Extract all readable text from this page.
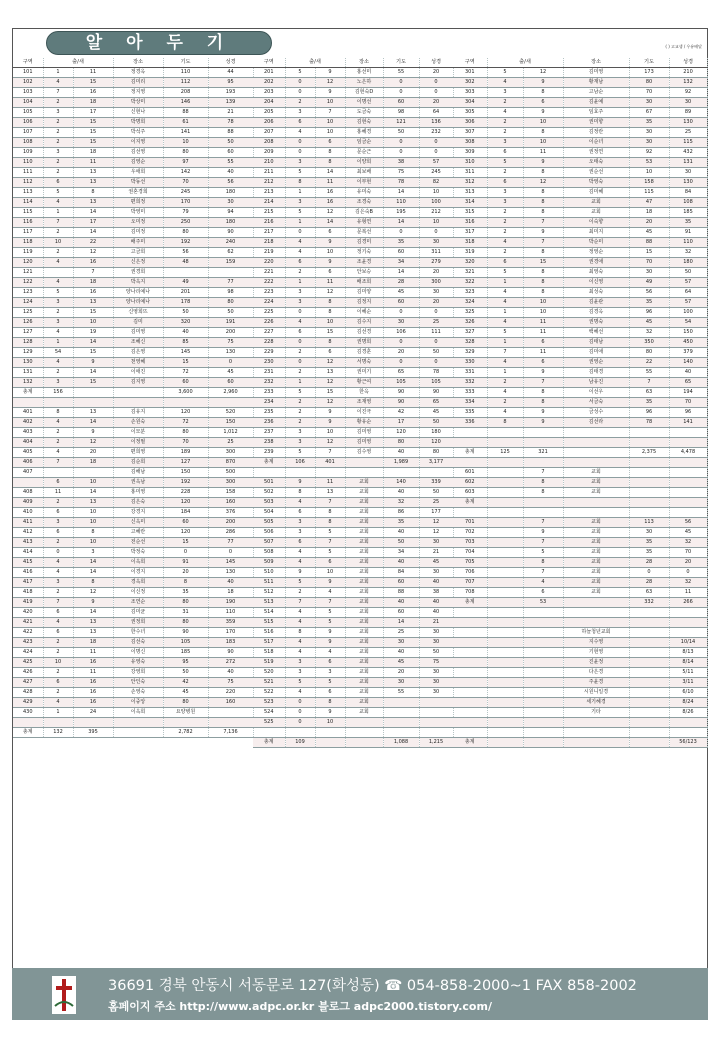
알 아 두 기	( ) 고교생 / 우유배달
구역	출/새		장소	기도	성경
101	1	11	정경옥	110	44
102	4	15	김미리	112	95
103	7	16	정지영	208	193
104	2	18	박상미	146	139
105	3	17	신현나	88	21
106	2	15	박명희	61	78
107	2	15	박석주	141	88
108	2	15	이지영	10	50
109	3	18	김선영	80	60
110	2	11	김영순	97	55
111	2	13	우애희	142	40
112	6	13	박동선	70	56
113	5	8	권혼경희	245	180
114	4	13	편희정	170	30
115	1	14	박영미	79	94
116	7	17	오미정	250	180
117	2	14	김미정	80	90
118	10	22	배주미	192	240
119	2	12	고금희	56	62
120	4	16	신은정	48	159
121		7	권경희		
122	4	18	박옥지	49	77
123	5	16	양나리예나	201	98
124	3	13	양나리예나	178	80
125	2	15	신영희뜨	50	50
126	3	10	김미	320	191
127	4	19	김미영	40	200
128	1	14	조혜신	85	75
129	54	15	김은영	145	130
130	4	9	천영혜	15	0
131	2	14	이애진	72	45
132	3	15	김지영	60	60
총계	156			3,600	2,960

401	8	13	김유지	120	520
402	4	14	손원숙	72	150
403	2	9	이모분	80	1,012
404	2	12	이정필	70	25
405	4	20	편희영	189	300
406	7	18	김순희	127	870
407			김해남	150	500
	6	10	권옥남	192	300
408	11	14	홍미영	228	158
409	2	13	김은숙	120	160
410	6	10	강경지	184	376
411	3	10	신옥미	60	200
412	6	8	고혜란	120	286
413	2	10	전순선	15	77
414	0	3	박정숙	0	0
415	4	14	이옥희	91	145
416	4	14	이경지	20	130
417	3	8	경옥희	8	40
418	2	12	이신정	35	18
419	7	9	조연순	80	190
420	6	14	김미균	31	110
421	4	13	권정희	80	359
422	6	13	한수녀	90	170
423	2	18	김선숙	105	183
424	2	11	이명신	185	90
425	10	16	유영숙	95	272
426	2	11	강영희	50	40
427	6	16	안인숙	42	75
428	2	16	손영숙	45	220
429	4	16	이중앙	80	160
430	1	24	이옥희	요양병원	

총계	132	395		2,782	7,136
구역	출/새		장소	기도	성경
201	5	9	홍선미	55	20
202	0	12	노은하	0	0
203	0	9	김현숙D	0	0
204	2	10	이명선	60	20
205	3	7	도금숙	98	64
206	6	10	김현숙	121	136
207	4	10	홍혜경	50	232
208	0	6	임금순	0	0
209	0	8	문순근	0	0
210	3	8	이양희	38	57
211	5	14	최보배	75	245
212	8	11	이부현	78	82
213	1	16	유미숙	14	10
214	3	16	조경숙	110	100
215	5	12	김은숙B	195	212
216	1	14	유형연	14	10
217	0	6	문복선	0	0
218	4	9	김경미	35	30
219	4	10	정기숙	60	311
220	6	9	조윤경	34	279
221	2	6	안보승	14	20
222	1	11	배조희	28	300
223	3	12	김미양	45	30
224	3	8	김정지	60	20
225	0	8	이혜순	0	0
226	4	10	김수지	30	25
227	6	15	김선경	106	111
228	0	8	권명희	0	0
229	2	6	김경훈	20	50
230	0	12	서명숙	0	0
231	2	13	권미기	65	78
232	1	12	황근여	105	105
233	5	15	한옥	90	90
234	2	12	조재영	90	65
235	2	9	이진극	42	45
236	2	9	황유순	17	50
237	3	10	김미영	120	180
238	3	12	김미영	80	120
239	5	7	김수영	40	80
총계	106	401		1,989	3,177

501	9	11	교회	140	339
502	8	13	교회	40	50
503	4	7	교회	32	25
504	6	8	교회	86	177
505	3	8	교회	35	12
506	3	5	교회	40	12
507	6	7	교회	50	30
508	4	5	교회	34	21
509	4	6	교회	40	45
510	9	10	교회	84	30
511	5	9	교회	60	40
512	2	4	교회	88	38
513	7	7	교회	40	40
514	4	5	교회	60	40
515	4	5	교회	14	21
516	8	9	교회	25	30
517	4	9	교회	30	30
518	4	4	교회	40	50
519	3	6	교회	45	75
520	3	3	교회	20	30
521	5	5	교회	30	30
522	4	6	교회	55	30
523	0	8	교회		
524	0	9	교회		
525	0	10			

총계	109			1,088	1,215
구역	출/새		장소	기도	성경
301	5	12	김미영	173	210
302	4	9	황재남	80	132
303	3	8	고남순	70	92
304	2	6	김윤예	30	30
305	4	9	임효주	67	89
306	2	10	권미향	35	130
307	2	8	김정란	30	25
308	3	10	이순녀	30	115
309	6	11	권정연	92	432
310	5	9	오태숙	53	131
311	2	8	권순선	10	30
312	6	12	박영숙	158	130
313	3	8	김미혜	115	84
314	3	8	교회	47	108
315	2	8	교회	18	185
316	2	7	이숙향	20	35
317	2	9	최미지	45	91
318	4	7	박순미	88	110
319	2	8	정영순	15	32
320	6	15	권경애	70	180
321	5	8	최영숙	30	50
322	1	8	이신영	49	57
323	4	8	최성숙	56	64
324	4	10	김윤관	35	57
325	1	10	김경옥	96	100
326	4	11	권명숙	45	54
327	5	11	백혜선	32	150
328	1	6	김태남	350	450
329	7	11	김미애	80	379
330	4	6	권영순	22	140
331	1	9	김태경	55	40
332	2	7	남유진	7	65
333	4	8	이선우	63	194
334	2	8	서금숙	35	70
335	4	9	금성수	96	96
336	8	9	김선라	78	141

총계	125	321		2,375	4,478

601		7	교회		
602		8	교회		
603		8	교회		
총계					

701		7	교회	113	56
702		9	교회	30	45
703		7	교회	35	32
704		5	교회	35	70
705		8	교회	28	20
706		7	교회	0	0
707		4	교회	28	32
708		6	교회	63	11
총계		53		332	266

			하늘청년교회		
			지수영		10/14
			기현영		8/13
			진윤정		8/14
			다은경		5/11
			주윤경		3/11
			시원니일경		6/10
			세기혜경		8/24
			기타		8/26

총계					56/123
36691 경북 안동시 서동문로 127(화성동) ☎ 054-858-2000~1 FAX 858-2002
홈페이지 주소 http://www.adpc.or.kr 블로그 adpc2000.tistory.com/
